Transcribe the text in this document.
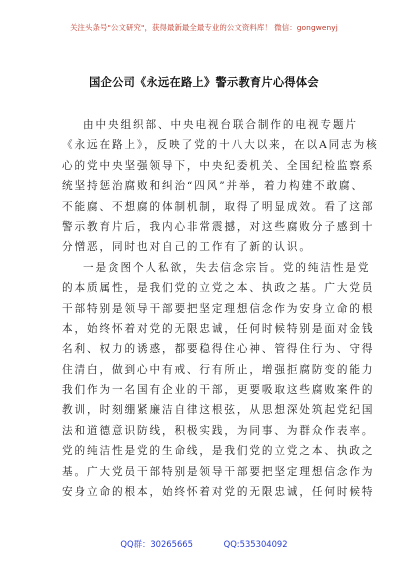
关注头条号"公文研究"，获得最新最全最专业的公文资料库！ 微信：gongwenyj
国企公司《永远在路上》警示教育片心得体会
由中央组织部、中央电视台联合制作的电视专题片
《永远在路上》，反映了党的十八大以来，在以A同志为核
心的党中央坚强领导下，中央纪委机关、全国纪检监察系
统坚持惩治腐败和纠治“四风”并举，着力构建不敢腐、
不能腐、不想腐的体制机制，取得了明显成效。看了这部
警示教育片后，我内心非常震撼，对这些腐败分子感到十
分憎恶，同时也对自己的工作有了新的认识。
一是贪图个人私欲，失去信念宗旨。党的纯洁性是党
的本质属性，是我们党的立党之本、执政之基。广大党员
干部特别是领导干部要把坚定理想信念作为安身立命的根
本，始终怀着对党的无限忠诚，任何时候特别是面对金钱
名利、权力的诱惑，都要稳得住心神、管得住行为、守得
住清白，做到心中有戒、行有所止，增强拒腐防变的能力
我们作为一名国有企业的干部，更要吸取这些腐败案件的
教训，时刻绷紧廉洁自律这根弦，从思想深处筑起党纪国
法和道德意识防线，积极实践，为同事、为群众作表率。
党的纯洁性是党的生命线，是我们党的立党之本、执政之
基。广大党员干部特别是领导干部要把坚定理想信念作为
安身立命的根本，始终怀着对党的无限忠诚，任何时候特
QQ群：30265665	QQ:535304092
